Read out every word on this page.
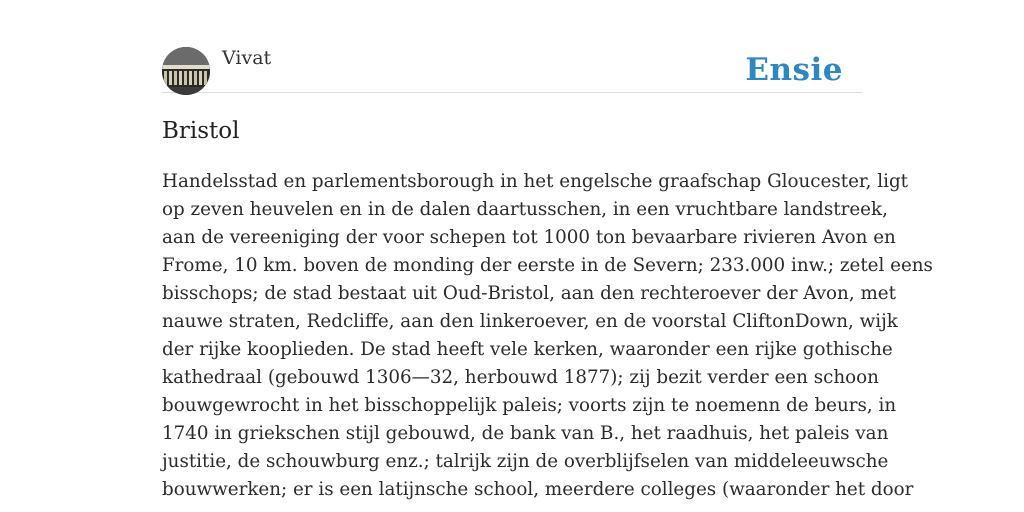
Vivat	Ensie
Bristol

Handelsstad en parlementsborough in het engelsche graafschap Gloucester, ligt
op zeven heuvelen en in de dalen daartusschen, in een vruchtbare landstreek,
aan de vereeniging der voor schepen tot 1000 ton bevaarbare rivieren Avon en
Frome, 10 km. boven de monding der eerste in de Severn; 233.000 inw.; zetel eens
bisschops; de stad bestaat uit Oud-Bristol, aan den rechteroever der Avon, met
nauwe straten, Redcliffe, aan den linkeroever, en de voorstal CliftonDown, wijk
der rijke kooplieden. De stad heeft vele kerken, waaronder een rijke gothische
kathedraal (gebouwd 1306—32, herbouwd 1877); zij bezit verder een schoon
bouwgewrocht in het bisschoppelijk paleis; voorts zijn te noemenn de beurs, in
1740 in griekschen stijl gebouwd, de bank van B., het raadhuis, het paleis van
justitie, de schouwburg enz.; talrijk zijn de overblijfselen van middeleeuwsche
bouwwerken; er is een latijnsche school, meerdere colleges (waaronder het door
